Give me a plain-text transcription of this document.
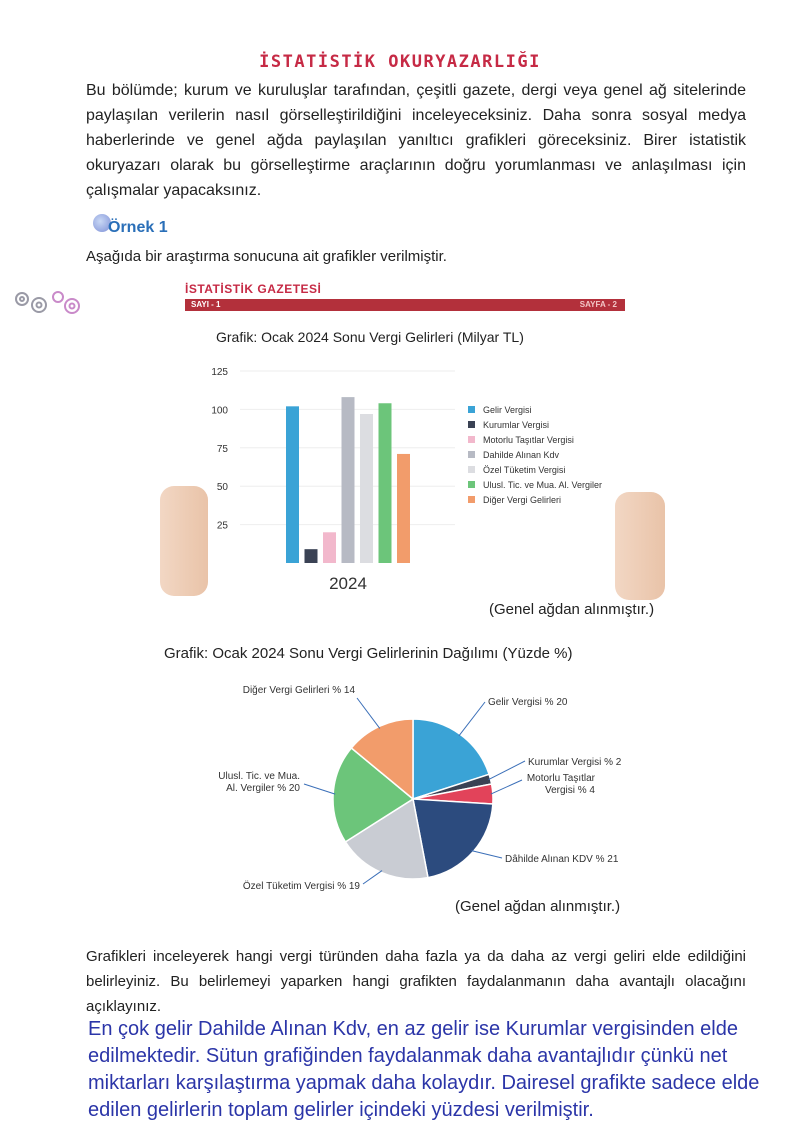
İSTATİSTİK OKURYAZARLIĞI
Bu bölümde; kurum ve kuruluşlar tarafından, çeşitli gazete, dergi veya genel ağ sitelerinde paylaşılan verilerin nasıl görselleştirildiğini inceleyeceksiniz. Daha sonra sosyal medya haberlerinde ve genel ağda paylaşılan yanıltıcı grafikleri göreceksiniz. Birer istatistik okuryazarı olarak bu görselleştirme araçlarının doğru yorumlanması ve anlaşılması için çalışmalar yapacaksınız.
Örnek 1
Aşağıda bir araştırma sonucuna ait grafikler verilmiştir.
İSTATİSTİK GAZETESİ
SAYI - 1	SAYFA - 2
Grafik: Ocak 2024 Sonu Vergi Gelirleri (Milyar TL)
25
50
75
100
125
2024
Gelir Vergisi
Kurumlar Vergisi
Motorlu Taşıtlar Vergisi
Dahilde Alınan Kdv
Özel Tüketim Vergisi
Ulusl. Tic. ve Mua. Al. Vergiler
Diğer Vergi Gelirleri
(Genel ağdan alınmıştır.)
Grafik: Ocak 2024 Sonu Vergi Gelirlerinin Dağılımı (Yüzde %)
Gelir Vergisi % 20
Kurumlar Vergisi % 2
Motorlu Taşıtlar
Vergisi % 4
Dâhilde Alınan KDV % 21
Özel Tüketim Vergisi % 19
Ulusl. Tic. ve Mua.
Al. Vergiler % 20
Diğer Vergi Gelirleri % 14
(Genel ağdan alınmıştır.)
Grafikleri inceleyerek hangi vergi türünden daha fazla ya da daha az vergi geliri elde edildiğini belirleyiniz. Bu belirlemeyi yaparken hangi grafikten faydalanmanın daha avantajlı olacağını açıklayınız.
En çok gelir Dahilde Alınan Kdv, en az gelir ise Kurumlar vergisinden elde edilmektedir. Sütun grafiğinden faydalanmak daha avantajlıdır çünkü net miktarları karşılaştırma yapmak daha kolaydır. Dairesel grafikte sadece elde edilen gelirlerin toplam gelirler içindeki yüzdesi verilmiştir.
